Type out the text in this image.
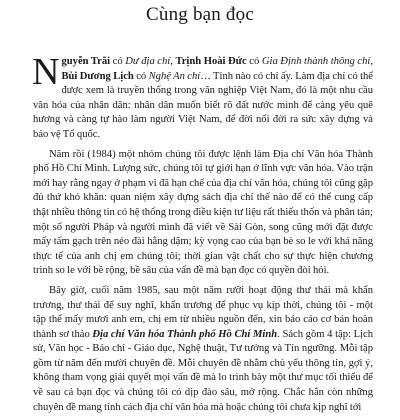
Cùng bạn đọc

Nguyễn Trãi có Dư địa chí, Trịnh Hoài Đức có Gia Định thành thông chí, Bùi Dương Lịch có Nghệ An chí… Tỉnh nào có chí ấy. Làm địa chí có thể được xem là truyền thống trong văn nghiệp Việt Nam, đó là một nhu cầu văn hóa của nhân dân: nhân dân muốn biết rõ đất nước mình để càng yêu quê hương và càng tự hào làm người Việt Nam, để đời nối đời ra sức xây dựng và bảo vệ Tổ quốc.

Năm rồi (1984) một nhóm chúng tôi được lệnh làm Địa chí Văn hóa Thành phố Hồ Chí Minh. Lượng sức, chúng tôi tự giới hạn ở lĩnh vực văn hóa. Vào trận mới hay rằng ngay ở phạm vi đã hạn chế của địa chí văn hóa, chúng tôi cũng gặp đủ thứ khó khăn: quan niệm xây dựng sách địa chí thế nào để có thể cung cấp thật nhiều thông tin có hệ thống trong điều kiện tư liệu rất thiếu thốn và phân tán; một số người Pháp và người mình đã viết về Sài Gòn, song cũng mới đặt được mấy tấm gạch trên nẻo đài hằng dặm; kỳ vọng cao của bạn bè so le với khả năng thực tế của anh chị em chúng tôi; thời gian vật chất cho sự thực hiện chương trình so le với bề rộng, bề sâu của vấn đề mà bạn đọc có quyền đòi hỏi.

Bây giờ, cuối năm 1985, sau một năm rưỡi hoạt động thư thái mà khẩn trương, thư thái để suy nghĩ, khẩn trương để phục vụ kịp thời, chúng tôi - một tập thể mấy mươi anh em, chị em từ nhiều nguồn đến, xin báo cáo cơ bản hoàn thành sơ thảo Địa chí Văn hóa Thành phố Hồ Chí Minh. Sách gồm 4 tập: Lịch sử, Văn học - Báo chí - Giáo dục, Nghệ thuật, Tư tưởng và Tín ngưỡng. Mỗi tập gồm từ năm đến mười chuyên đề. Mỗi chuyên đề nhằm chủ yếu thông tin, gợi ý, không tham vọng giải quyết mọi vấn đề mà lo trình bày một thư mục tối thiểu để về sau cả bạn đọc và chúng tôi có dịp đào sâu, mở rộng. Chắc hẳn còn những chuyên đề mang tính cách địa chí văn hóa mà hoặc chúng tôi chưa kịp nghĩ tới
